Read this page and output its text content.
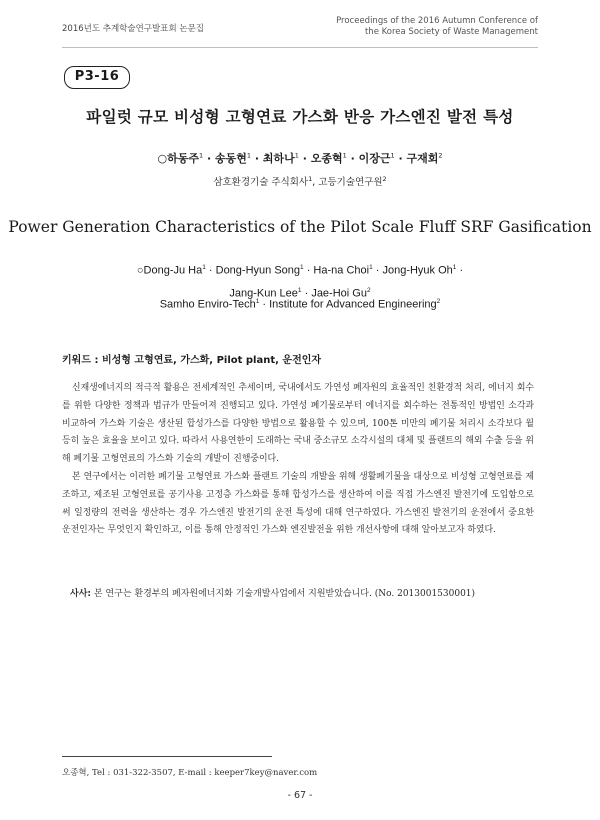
2016년도 추계학술연구발표회 논문집
Proceedings of the 2016 Autumn Conference of
the Korea Society of Waste Management
P3-16
파일럿 규모 비성형 고형연료 가스화 반응 가스엔진 발전 특성
○하동주$^1$ · 송동현$^1$ · 최하나$^1$ · 오종혁$^1$ · 이장근$^1$ · 구재회$^2$
삼호환경기술 주식회사$^1$, 고등기술연구원$^2$
Power Generation Characteristics of the Pilot Scale Fluff SRF Gasification
○Dong-Ju $Ha^1$ · Dong-Hyun Song$^1$ · Ha-na Choi$^1$ · Jong-Hyuk $Oh^1$ ·
Jang-Kun Lee$^1$ · Jae-Hoi Gu$^2$
Samho Enviro-Tech$^1$ · Institute for Advanced Engineering$^2$
키워드 : 비성형 고형연료, 가스화, Pilot plant, 운전인자

신재생에너지의 적극적 활용은 전세계적인 추세이며, 국내에서도 가연성 폐자원의 효율적인 친환경적 처리, 에너지 회수를 위한 다양한 정책과 법규가 만들어져 진행되고 있다. 가연성 폐기물로부터 에너지를 회수하는 전통적인 방법인 소각과 비교하여 가스화 기술은 생산된 합성가스를 다양한 방법으로 활용할 수 있으며, 100톤 미만의 폐기물 처리시 소각보다 월등히 높은 효율을 보이고 있다. 따라서 사용연한이 도래하는 국내 중소규모 소각시설의 대체 및 플랜트의 해외 수출 등을 위해 폐기물 고형연료의 가스화 기술의 개발이 진행중이다.

본 연구에서는 이러한 폐기물 고형연료 가스화 플랜트 기술의 개발을 위해 생활폐기물을 대상으로 비성형 고형연료를 제조하고, 제조된 고형연료를 공기사용 고정층 가스화를 통해 합성가스를 생산하여 이를 직접 가스엔진 발전기에 도입함으로써 일정량의 전력을 생산하는 경우 가스엔진 발전기의 운전 특성에 대해 연구하였다. 가스엔진 발전기의 운전에서 중요한 운전인자는 무엇인지 확인하고, 이를 통해 안정적인 가스화 엔진발전을 위한 개선사항에 대해 알아보고자 하였다.

사사: 본 연구는 환경부의 폐자원에너지화 기술개발사업에서 지원받았습니다. (No. 2013001530001)
오종혁, Tel : 031-322-3507, E-mail : keeper7key@naver.com
- 67 -
